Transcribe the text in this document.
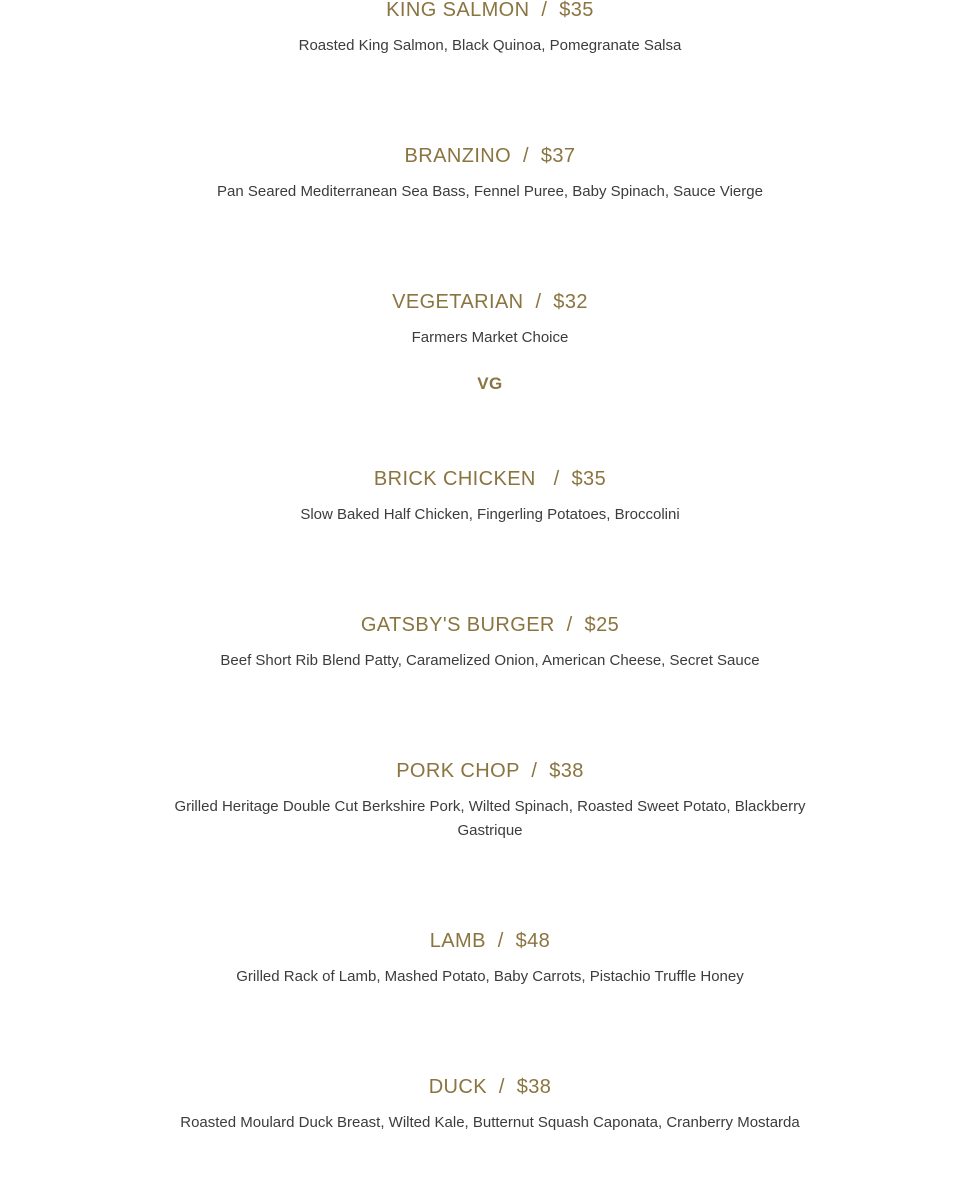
KING SALMON  /  $35
Roasted King Salmon, Black Quinoa, Pomegranate Salsa
BRANZINO  /  $37
Pan Seared Mediterranean Sea Bass, Fennel Puree, Baby Spinach, Sauce Vierge
VEGETARIAN  /  $32
Farmers Market Choice
VG
BRICK CHICKEN   /  $35
Slow Baked Half Chicken, Fingerling Potatoes, Broccolini
GATSBY'S BURGER  /  $25
Beef Short Rib Blend Patty, Caramelized Onion, American Cheese, Secret Sauce
PORK CHOP  /  $38
Grilled Heritage Double Cut Berkshire Pork, Wilted Spinach, Roasted Sweet Potato, Blackberry Gastrique
LAMB  /  $48
Grilled Rack of Lamb, Mashed Potato, Baby Carrots, Pistachio Truffle Honey
DUCK  /  $38
Roasted Moulard Duck Breast, Wilted Kale, Butternut Squash Caponata, Cranberry Mostarda
